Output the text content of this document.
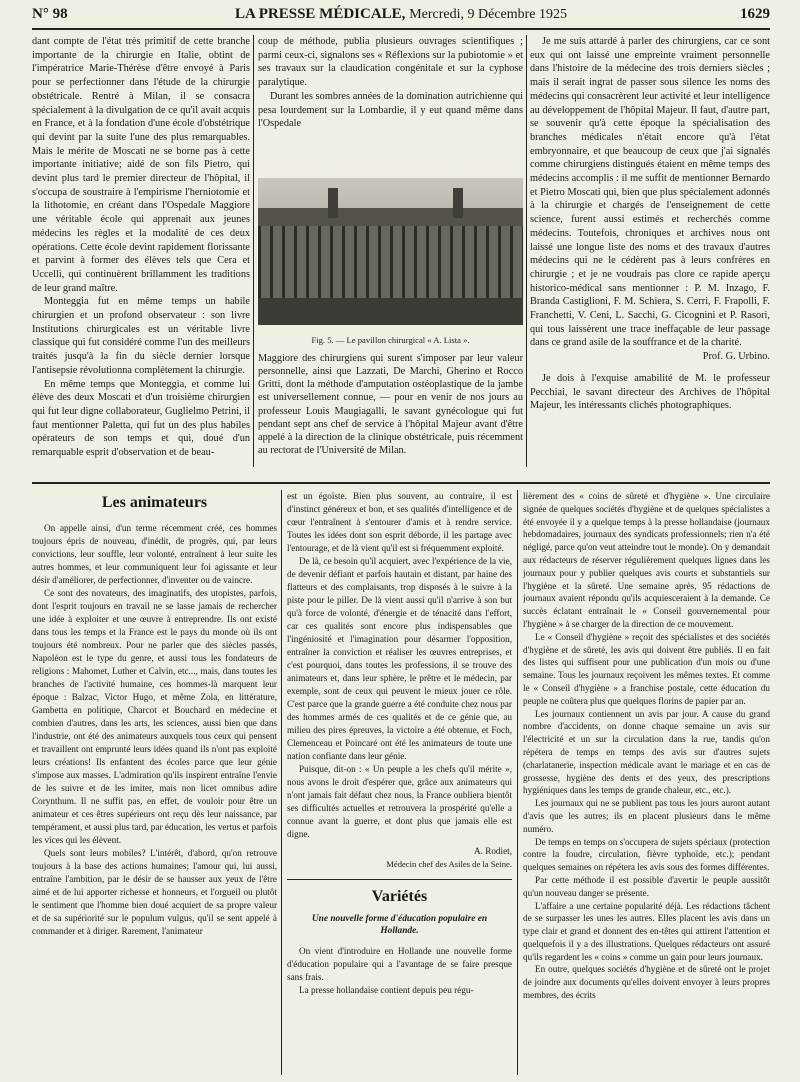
N° 98	LA PRESSE MÉDICALE, Mercredi, 9 Décembre 1925	1629

dant compte de l'état très primitif de cette branche importante de la chirurgie en Italie, obtint de l'impératrice Marie-Thérèse d'être envoyé à Paris pour se perfectionner dans l'étude de la chirurgie obstétricale. Rentré à Milan, il se consacra spécialement à la divulgation de ce qu'il avait acquis en France, et à la fondation d'une école d'obstétrique qui devint par la suite l'une des plus remarquables. Mais le mérite de Moscati ne se borne pas à cette importante initiative; aidé de son fils Pietro, qui devint plus tard le premier directeur de l'hôpital, il s'occupa de soustraire à l'empirisme l'herniotomie et la lithotomie, en créant dans l'Ospedale Maggiore une véritable école qui apprenait aux jeunes médecins les règles et la modalité de ces deux opérations. Cette école devint rapidement florissante et parvint à former des élèves tels que Cera et Uccelli, qui continuèrent brillamment les traditions de leur grand maître.

Monteggia fut en même temps un habile chirurgien et un profond observateur : son livre Institutions chirurgicales est un véritable livre classique qui fut considéré comme l'un des meilleurs traités jusqu'à la fin du siècle dernier lorsque l'antisepsie révolutionna complètement la chirurgie.

En même temps que Monteggia, et comme lui élève des deux Moscati et d'un troisième chirurgien qui fut leur digne collaborateur, Guglielmo Petrini, il faut mentionner Paletta, qui fut un des plus habiles opérateurs de son temps et qui, doué d'un remarquable esprit d'observation et de beau-

coup de méthode, publia plusieurs ouvrages scientifiques ; parmi ceux-ci, signalons ses « Réflexions sur la pubiotomie » et ses travaux sur la claudication congénitale et sur la cyphose paralytique.

Durant les sombres années de la domination autrichienne qui pesa lourdement sur la Lombardie, il y eut quand même dans l'Ospedale

Fig. 5. — Le pavillon chirurgical « A. Lista ».

Maggiore des chirurgiens qui surent s'imposer par leur valeur personnelle, ainsi que Lazzati, De Marchi, Gherino et Rocco Gritti, dont la méthode d'amputation ostéoplastique de la jambe est universellement connue, — pour en venir de nos jours au professeur Louis Maugiagalli, le savant gynécologue qui fut pendant sept ans chef de service à l'hôpital Majeur avant d'être appelé à la direction de la clinique obstétricale, puis récemment au rectorat de l'Université de Milan.

Je me suis attardé à parler des chirurgiens, car ce sont eux qui ont laissé une empreinte vraiment personnelle dans l'histoire de la médecine des trois derniers siècles ; mais il serait ingrat de passer sous silence les noms des médecins qui consacrèrent leur activité et leur intelligence au développement de l'hôpital Majeur. Il faut, d'autre part, se souvenir qu'à cette époque la spécialisation des branches médicales n'était encore qu'à l'état embryonnaire, et que beaucoup de ceux que j'ai signalés comme chirurgiens distingués étaient en même temps des médecins accomplis : il me suffit de mentionner Bernardo et Pietro Moscati qui, bien que plus spécialement adonnés à la chirurgie et chargés de l'enseignement de cette science, furent aussi estimés et recherchés comme médecins. Toutefois, chroniques et archives nous ont laissé une longue liste des noms et des travaux d'autres médecins qui ne le cédèrent pas à leurs confrères en chirurgie ; et je ne voudrais pas clore ce rapide aperçu historico-médical sans mentionner : P. M. Inzago, F. Branda Castiglioni, F. M. Schiera, S. Cerri, F. Frapolli, F. Franchetti, V. Ceni, L. Sacchi, G. Cicognini et P. Rasori, qui tous laissèrent une trace ineffaçable de leur passage dans ce grand asile de la souffrance et de la charité.

Prof. G. Urbino.

Je dois à l'exquise amabilité de M. le professeur Pecchiai, le savant directeur des Archives de l'hôpital Majeur, les intéressants clichés photographiques.

Les animateurs

On appelle ainsi, d'un terme récemment créé, ces hommes toujours épris de nouveau, d'inédit, de progrès, qui, par leurs convictions, leur souffle, leur volonté, entraînent à leur suite les autres hommes, et leur communiquent leur foi agissante et leur désir d'améliorer, de perfectionner, d'inventer ou de vaincre.

Ce sont des novateurs, des imaginatifs, des utopistes, parfois, dont l'esprit toujours en travail ne se lasse jamais de rechercher une idée à exploiter et une œuvre à entreprendre. Ils ont existé dans tous les temps et la France est le pays du monde où ils ont toujours été nombreux. Pour ne parler que des siècles passés, Napoléon est le type du genre, et aussi tous les fondateurs de religions : Mahomet, Luther et Calvin, etc..., mais, dans toutes les branches de l'activité humaine, ces hommes-là marquent leur époque : Balzac, Victor Hugo, et même Zola, en littérature, Gambetta en politique, Charcot et Bouchard en médecine et combien d'autres, dans les arts, les sciences, aussi bien que dans l'industrie, ont été des animateurs auxquels tous ceux qui pensent et travaillent ont emprunté leurs idées quand ils n'ont pas exploité leurs créations! Ils enfantent des écoles parce que leur génie s'impose aux masses. L'admiration qu'ils inspirent entraîne l'envie de les suivre et de les imiter, mais non licet omnibus adire Corynthum. Il ne suffit pas, en effet, de vouloir pour être un animateur et ces êtres supérieurs ont reçu dès leur naissance, par tempérament, et aussi plus tard, par éducation, les vertus et parfois les vices qui les élèvent.

Quels sont leurs mobiles? L'intérêt, d'abord, qu'on retrouve toujours à la base des actions humaines; l'amour qui, lui aussi, entraîne l'ambition, par le désir de se hausser aux yeux de l'être aimé et de lui apporter richesse et honneurs, et l'orgueil ou plutôt le sentiment que l'homme bien doué acquiert de sa propre valeur et de sa supériorité sur le populum vulgus, qu'il se sent appelé à commander et à diriger. Rarement, l'animateur

est un égoïste. Bien plus souvent, au contraire, il est d'instinct généreux et bon, et ses qualités d'intelligence et de cœur l'entraînent à s'entourer d'amis et à rendre service. Toutes les idées dont son esprit déborde, il les partage avec l'entourage, et de là vient qu'il est si fréquemment exploité.

De là, ce besoin qu'il acquiert, avec l'expérience de la vie, de devenir défiant et parfois hautain et distant, par haine des flatteurs et des complaisants, trop disposés à le suivre à la piste pour le piller. De là vient aussi qu'il n'arrive à son but qu'à force de volonté, d'énergie et de ténacité dans l'effort, car ces qualités sont encore plus indispensables que l'ingéniosité et l'imagination pour désarmer l'opposition, entraîner la conviction et réaliser les œuvres entreprises, et c'est pourquoi, dans toutes les professions, il se trouve des animateurs et, dans leur sphère, le prêtre et le médecin, par exemple, sont de ceux qui peuvent le mieux jouer ce rôle. C'est parce que la grande guerre a été conduite chez nous par des hommes armés de ces qualités et de ce génie que, au milieu des pires épreuves, la victoire a été obtenue, et Foch, Clemenceau et Poincaré ont été les animateurs de toute une nation confiante dans leur génie.

Puisque, dit-on : « Un peuple a les chefs qu'il mérite », nous avons le droit d'espérer que, grâce aux animateurs qui n'ont jamais fait défaut chez nous, la France oubliera bientôt ses difficultés actuelles et retrouvera la prospérité qu'elle a connue avant la guerre, et dont plus que jamais elle est digne.

A. Rodiet,

Médecin chef des Asiles de la Seine.

Variétés
Une nouvelle forme d'éducation populaire en Hollande.

On vient d'introduire en Hollande une nouvelle forme d'éducation populaire qui a l'avantage de se faire presque sans frais.

La presse hollandaise contient depuis peu régu-

lièrement des « coins de sûreté et d'hygiène ». Une circulaire signée de quelques sociétés d'hygiène et de quelques spécialistes a été envoyée il y a quelque temps à la presse hollandaise (journaux hebdomadaires, journaux des syndicats professionnels; rien n'a été négligé, parce qu'on veut atteindre tout le monde). On y demandait aux rédacteurs de réserver régulièrement quelques lignes dans les journaux pour y publier quelques avis courts et substantiels sur l'hygiène et la sûreté. Une semaine après, 95 rédactions de journaux avaient répondu qu'ils acquiesceraient à la demande. Ce succès éclatant entraînait le « Conseil gouvernemental pour l'hygiène » à se charger de la direction de ce mouvement.

Le « Conseil d'hygiène » reçoit des spécialistes et des sociétés d'hygiène et de sûreté, les avis qui doivent être publiés. Il en fait des listes qui suffisent pour une publication d'un mois ou d'une semaine. Tous les journaux reçoivent les mêmes textes. Et comme le « Conseil d'hygiène » a franchise postale, cette éducation du peuple ne coûtera plus que quelques florins de papier par an.

Les journaux contiennent un avis par jour. A cause du grand nombre d'accidents, on donne chaque semaine un avis sur l'électricité et un sur la circulation dans la rue, tandis qu'on répétera de temps en temps des avis sur d'autres sujets (charlatanerie, inspection médicale avant le mariage et en cas de grossesse, hygiène des dents et des yeux, des prescriptions hygiéniques dans les temps de grande chaleur, etc., etc.).

Les journaux qui ne se publient pas tous les jours auront autant d'avis que les autres; ils en placent plusieurs dans le même numéro.

De temps en temps on s'occupera de sujets spéciaux (protection contre la foudre, circulation, fièvre typhoïde, etc.); pendant quelques semaines on répétera les avis sous des formes différentes.

Par cette méthode il est possible d'avertir le peuple aussitôt qu'un nouveau danger se présente.

L'affaire a une certaine popularité déjà. Les rédactions tâchent de se surpasser les unes les autres. Elles placent les avis dans un type clair et grand et donnent des en-têtes qui attirent l'attention et quelquefois il y a des illustrations. Quelques rédacteurs ont assuré qu'ils regardent les « coins » comme un gain pour leurs journaux.

En outre, quelques sociétés d'hygiène et de sûreté ont le projet de joindre aux documents qu'elles doivent envoyer à leurs propres membres, des écrits
